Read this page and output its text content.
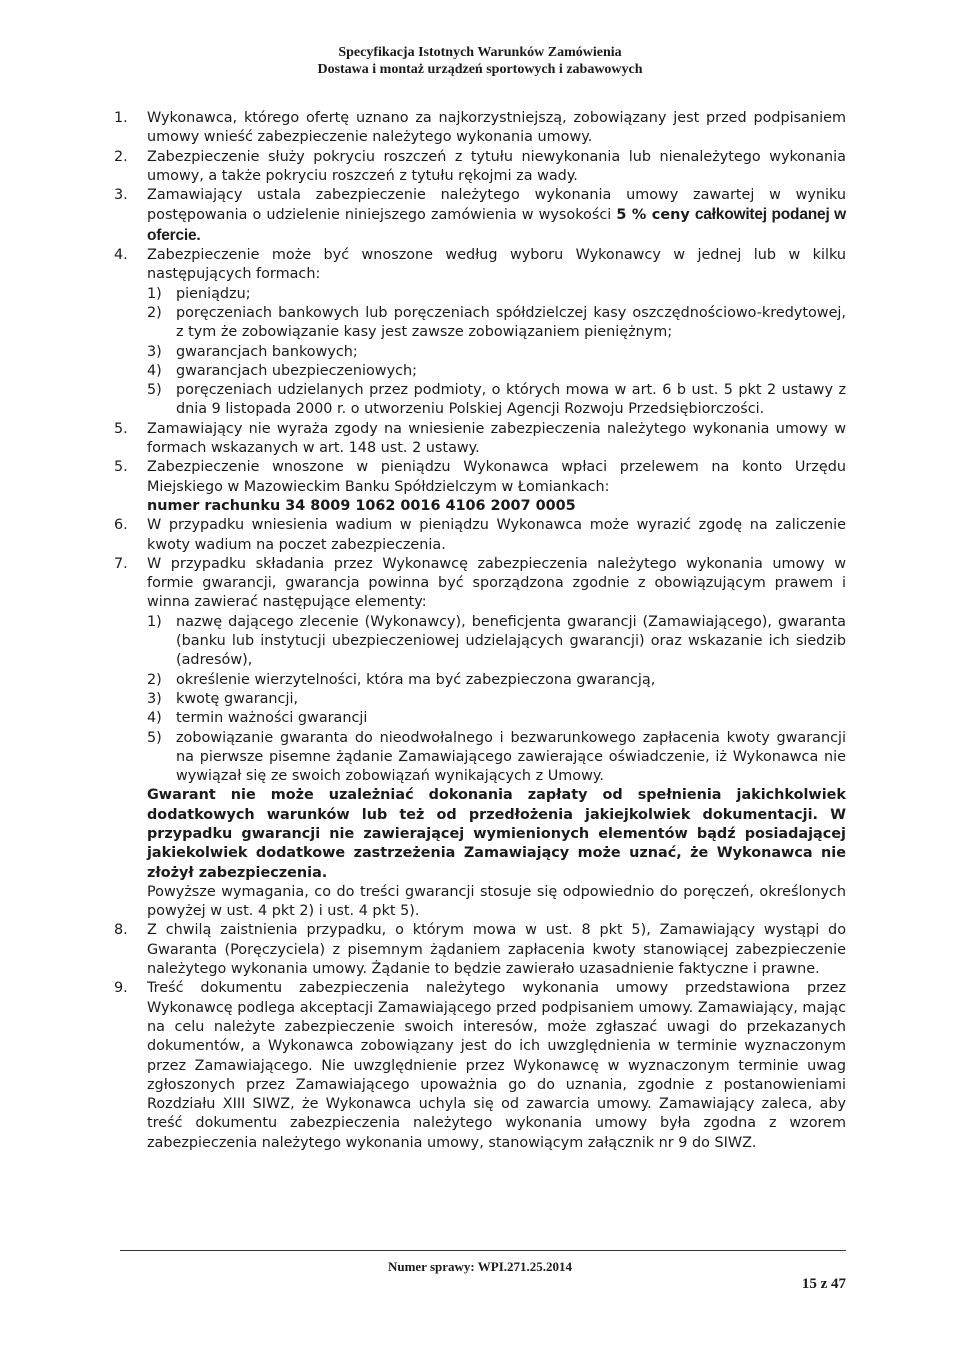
Specyfikacja Istotnych Warunków Zamówienia
Dostawa i montaż urządzeń sportowych i zabawowych
1.	Wykonawca, którego ofertę uznano za najkorzystniejszą, zobowiązany jest przed podpisaniem umowy wnieść zabezpieczenie należytego wykonania umowy.
2.	Zabezpieczenie służy pokryciu roszczeń z tytułu niewykonania lub nienależytego wykonania umowy, a także pokryciu roszczeń z tytułu rękojmi za wady.
3.	Zamawiający ustala zabezpieczenie należytego wykonania umowy zawartej w wyniku postępowania o udzielenie niniejszego zamówienia w wysokości 5 % ceny całkowitej podanej w ofercie.
4.	Zabezpieczenie może być wnoszone według wyboru Wykonawcy w jednej lub w kilku następujących formach:
1) pieniądzu;
2) poręczeniach bankowych lub poręczeniach spółdzielczej kasy oszczędnościowo-kredytowej, z tym że zobowiązanie kasy jest zawsze zobowiązaniem pieniężnym;
3) gwarancjach bankowych;
4) gwarancjach ubezpieczeniowych;
5) poręczeniach udzielanych przez podmioty, o których mowa w art. 6 b ust. 5 pkt 2 ustawy z dnia 9 listopada 2000 r. o utworzeniu Polskiej Agencji Rozwoju Przedsiębiorczości.
5.	Zamawiający nie wyraża zgody na wniesienie zabezpieczenia należytego wykonania umowy w formach wskazanych w art. 148 ust. 2 ustawy.
5.	Zabezpieczenie wnoszone w pieniądzu Wykonawca wpłaci przelewem na konto Urzędu Miejskiego w Mazowieckim Banku Spółdzielczym w Łomiankach:
numer rachunku 34 8009 1062 0016 4106 2007 0005
6.	W przypadku wniesienia wadium w pieniądzu Wykonawca może wyrazić zgodę na zaliczenie kwoty wadium na poczet zabezpieczenia.
7.	W przypadku składania przez Wykonawcę zabezpieczenia należytego wykonania umowy w formie gwarancji, gwarancja powinna być sporządzona zgodnie z obowiązującym prawem i winna zawierać następujące elementy:
1) nazwę dającego zlecenie (Wykonawcy), beneficjenta gwarancji (Zamawiającego), gwaranta (banku lub instytucji ubezpieczeniowej udzielających gwarancji) oraz wskazanie ich siedzib (adresów),
2) określenie wierzytelności, która ma być zabezpieczona gwarancją,
3) kwotę gwarancji,
4) termin ważności gwarancji
5) zobowiązanie gwaranta do nieodwołalnego i bezwarunkowego zapłacenia kwoty gwarancji na pierwsze pisemne żądanie Zamawiającego zawierające oświadczenie, iż Wykonawca nie wywiązał się ze swoich zobowiązań wynikających z Umowy.
Gwarant nie może uzależniać dokonania zapłaty od spełnienia jakichkolwiek dodatkowych warunków lub też od przedłożenia jakiejkolwiek dokumentacji. W przypadku gwarancji nie zawierającej wymienionych elementów bądź posiadającej jakiekolwiek dodatkowe zastrzeżenia Zamawiający może uznać, że Wykonawca nie złożył zabezpieczenia.
Powyższe wymagania, co do treści gwarancji stosuje się odpowiednio do poręczeń, określonych powyżej w ust. 4 pkt 2) i ust. 4 pkt 5).
8.	Z chwilą zaistnienia przypadku, o którym mowa w ust. 8 pkt 5), Zamawiający wystąpi do Gwaranta (Poręczyciela) z pisemnym żądaniem zapłacenia kwoty stanowiącej zabezpieczenie należytego wykonania umowy. Żądanie to będzie zawierało uzasadnienie faktyczne i prawne.
9.	Treść dokumentu zabezpieczenia należytego wykonania umowy przedstawiona przez Wykonawcę podlega akceptacji Zamawiającego przed podpisaniem umowy. Zamawiający, mając na celu należyte zabezpieczenie swoich interesów, może zgłaszać uwagi do przekazanych dokumentów, a Wykonawca zobowiązany jest do ich uwzględnienia w terminie wyznaczonym przez Zamawiającego. Nie uwzględnienie przez Wykonawcę w wyznaczonym terminie uwag zgłoszonych przez Zamawiającego upoważnia go do uznania, zgodnie z postanowieniami Rozdziału XIII SIWZ, że Wykonawca uchyla się od zawarcia umowy. Zamawiający zaleca, aby treść dokumentu zabezpieczenia należytego wykonania umowy była zgodna z wzorem zabezpieczenia należytego wykonania umowy, stanowiącym załącznik nr 9 do SIWZ.
Numer sprawy: WPI.271.25.2014
15 z 47
